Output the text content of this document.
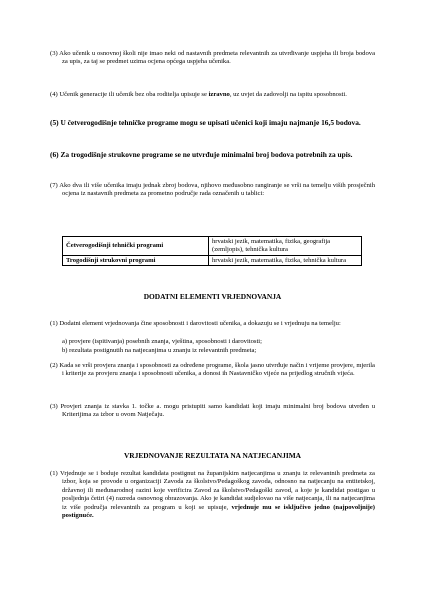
(3) Ako učenik u osnovnoj školi nije imao neki od nastavnih predmeta relevantnih za utvrđivanje uspjeha ili broja bodova za upis, za taj se predmet uzima ocjena općega uspjeha učenika.
(4) Učenik generacije ili učenik bez oba roditelja upisuje se izravno, uz uvjet da zadovolji na ispitu sposobnosti.
(5) U četverogodišnje tehničke programe mogu se upisati učenici koji imaju najmanje 16,5 bodova.
(6) Za trogodišnje strukovne programe se ne utvrđuje minimalni broj bodova potrebnih za upis.
(7) Ako dva ili više učenika imaju jednak zbroj bodova, njihovo međusobno rangiranje se vrši na temelju viših prosječnih ocjena iz nastavnih predmeta za prometno područje rada označenih u tablici:
Četverogodišnji tehnički programi	hrvatski jezik, matematika, fizika, geografija (zemljopis), tehnička kultura
Trogodišnji strukovni programi	hrvatski jezik, matematika, fizika, tehnička kultura
DODATNI ELEMENTI VRJEDNOVANJA
(1) Dodatni element vrjednovanja čine sposobnosti i darovitosti učenika, a dokazuju se i vrjednuju na temelju:
a) provjere (ispitivanja) posebnih znanja, vještina, sposobnosti i darovitosti;
b) rezultata postignutih na natjecanjima u znanju iz relevantnih predmeta;
(2) Kada se vrši provjera znanja i sposobnosti za određene programe, škola jasno utvrđuje način i vrijeme provjere, mjerila i kriterije za provjeru znanja i sposobnosti učenika, a donosi ih Nastavničko vijeće na prijedlog stručnih vijeća.
(3) Provjeri znanja iz stavka 1. točke a. mogu pristupiti samo kandidati koji imaju minimalni broj bodova utvrđen u Kriterijima za izbor u ovom Natječaju.
VRJEDNOVANJE REZULTATA NA NATJECANJIMA
(1) Vrjednuje se i boduje rezultat kandidata postignut na županijskim natjecanjima u znanju iz relevantnih predmeta za izbor, koja se provode u organizaciji Zavoda za školstvo/Pedagoškog zavoda, odnosno na natjecanju na entitetskoj, državnoj ili međunarodnoj razini koje verificira Zavod za školstvo/Pedagoški zavod, a koje je kandidat postigao u posljednja četiri (4) razreda osnovnog obrazovanja. Ako je kandidat sudjelovao na više natjecanja, ili na natjecanjima iz više područja relevantnih za program u koji se upisuje, vrjednuje mu se isključivo jedno (najpovoljnije) postignuće.
